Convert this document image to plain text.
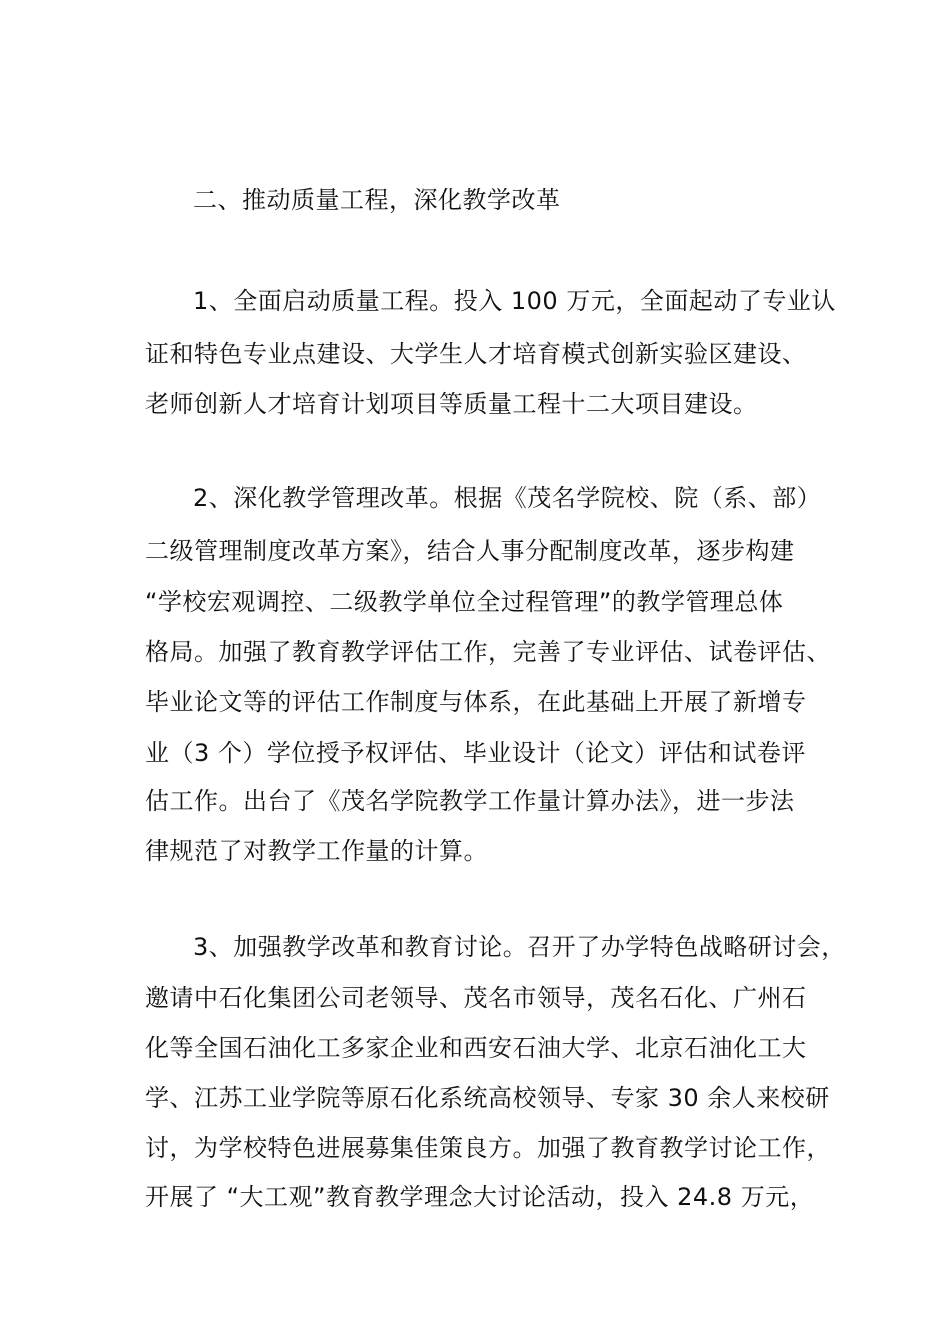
二、推动质量工程，深化教学改革
1、全面启动质量工程。投入 100 万元，全面起动了专业认
证和特色专业点建设、大学生人才培育模式创新实验区建设、
老师创新人才培育计划项目等质量工程十二大项目建设。
2、深化教学管理改革。根据《茂名学院校、院（系、部）
二级管理制度改革方案》，结合人事分配制度改革，逐步构建
“学校宏观调控、二级教学单位全过程管理”的教学管理总体
格局。加强了教育教学评估工作，完善了专业评估、试卷评估、
毕业论文等的评估工作制度与体系，在此基础上开展了新增专
业（3 个）学位授予权评估、毕业设计（论文）评估和试卷评
估工作。出台了《茂名学院教学工作量计算办法》，进一步法
律规范了对教学工作量的计算。
3、加强教学改革和教育讨论。召开了办学特色战略研讨会，
邀请中石化集团公司老领导、茂名市领导，茂名石化、广州石
化等全国石油化工多家企业和西安石油大学、北京石油化工大
学、江苏工业学院等原石化系统高校领导、专家 30 余人来校研
讨，为学校特色进展募集佳策良方。加强了教育教学讨论工作，
开展了 “大工观”教育教学理念大讨论活动，投入 24.8 万元，
